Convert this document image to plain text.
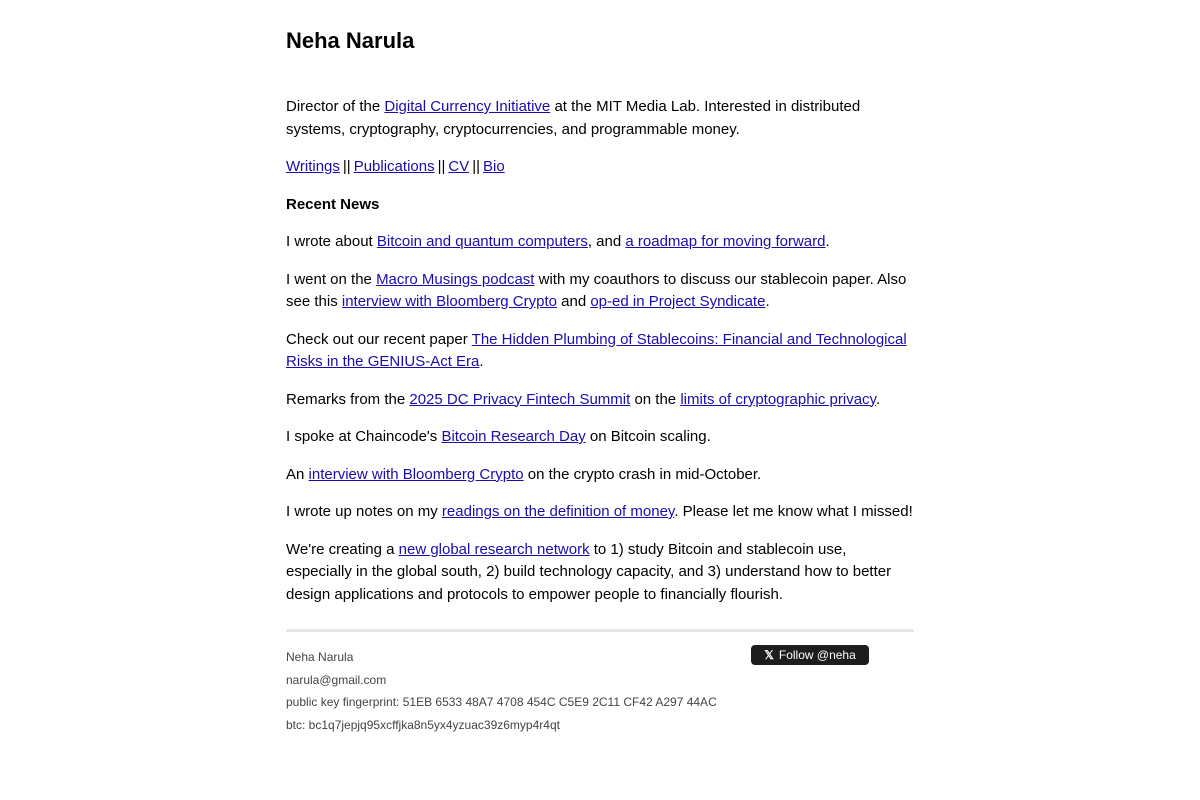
Neha Narula

Director of the Digital Currency Initiative at the MIT Media Lab. Interested in distributed systems, cryptography, cryptocurrencies, and programmable money.

Writings || Publications || CV || Bio

Recent News

I wrote about Bitcoin and quantum computers, and a roadmap for moving forward.

I went on the Macro Musings podcast with my coauthors to discuss our stablecoin paper. Also see this interview with Bloomberg Crypto and op-ed in Project Syndicate.

Check out our recent paper The Hidden Plumbing of Stablecoins: Financial and Technological Risks in the GENIUS-Act Era.

Remarks from the 2025 DC Privacy Fintech Summit on the limits of cryptographic privacy.

I spoke at Chaincode's Bitcoin Research Day on Bitcoin scaling.

An interview with Bloomberg Crypto on the crypto crash in mid-October.

I wrote up notes on my readings on the definition of money. Please let me know what I missed!

We're creating a new global research network to 1) study Bitcoin and stablecoin use, especially in the global south, 2) build technology capacity, and 3) understand how to better design applications and protocols to empower people to financially flourish.

Neha Narula
narula@gmail.com
public key fingerprint: 51EB 6533 48A7 4708 454C C5E9 2C11 CF42 A297 44AC
btc: bc1q7jepjq95xcffjka8n5yx4yzuac39z6myp4r4qt
𝕏 Follow @neha
